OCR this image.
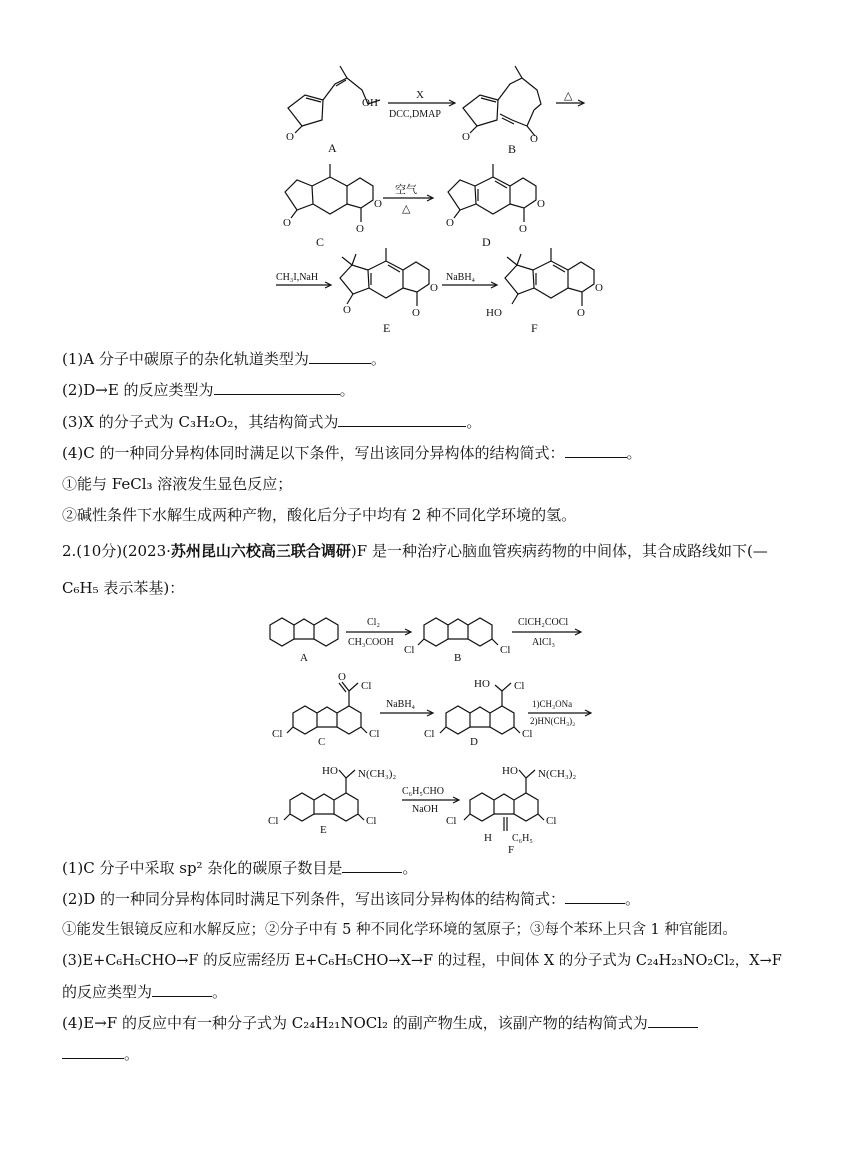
OH
O
A
X
DCC,DMAP
O	O
B
△
O
O
O
C
空气
△
O
O
O
D
CH₃I,NaH
O
O
O
E
NaBH₄
HO
O
O
F
(1)A 分子中碳原子的杂化轨道类型为	。
(2)D→E 的反应类型为	。
(3)X 的分子式为 C₃H₂O₂，其结构简式为	。
(4)C 的一种同分异构体同时满足以下条件，写出该同分异构体的结构简式：	。
①能与 FeCl₃ 溶液发生显色反应；
②碱性条件下水解生成两种产物，酸化后分子中均有 2 种不同化学环境的氢。
2.(10分)(2023·苏州昆山六校高三联合调研)F 是一种治疗心脑血管疾病药物的中间体，其合成路线如下(—
C₆H₅ 表示苯基)：
A
Cl₂
CH₃COOH
Cl	Cl
B
ClCH₂COCl
AlCl₃
O
Cl
Cl	Cl
C
NaBH₄
HO Cl
Cl	Cl
D
1)CH₃ONa
2)HN(CH₃)₂
HO N(CH₃)₂
Cl	Cl
E
C₆H₅CHO
NaOH
HO N(CH₃)₂
Cl	Cl
H C₆H₅
F
(1)C 分子中采取 sp² 杂化的碳原子数目是	。
(2)D 的一种同分异构体同时满足下列条件，写出该同分异构体的结构简式：	。
①能发生银镜反应和水解反应；②分子中有 5 种不同化学环境的氢原子；③每个苯环上只含 1 种官能团。
(3)E+C₆H₅CHO→F 的反应需经历 E+C₆H₅CHO→X→F 的过程，中间体 X 的分子式为 C₂₄H₂₃NO₂Cl₂，X→F
的反应类型为	。
(4)E→F 的反应中有一种分子式为 C₂₄H₂₁NOCl₂ 的副产物生成，该副产物的结构简式为
。
